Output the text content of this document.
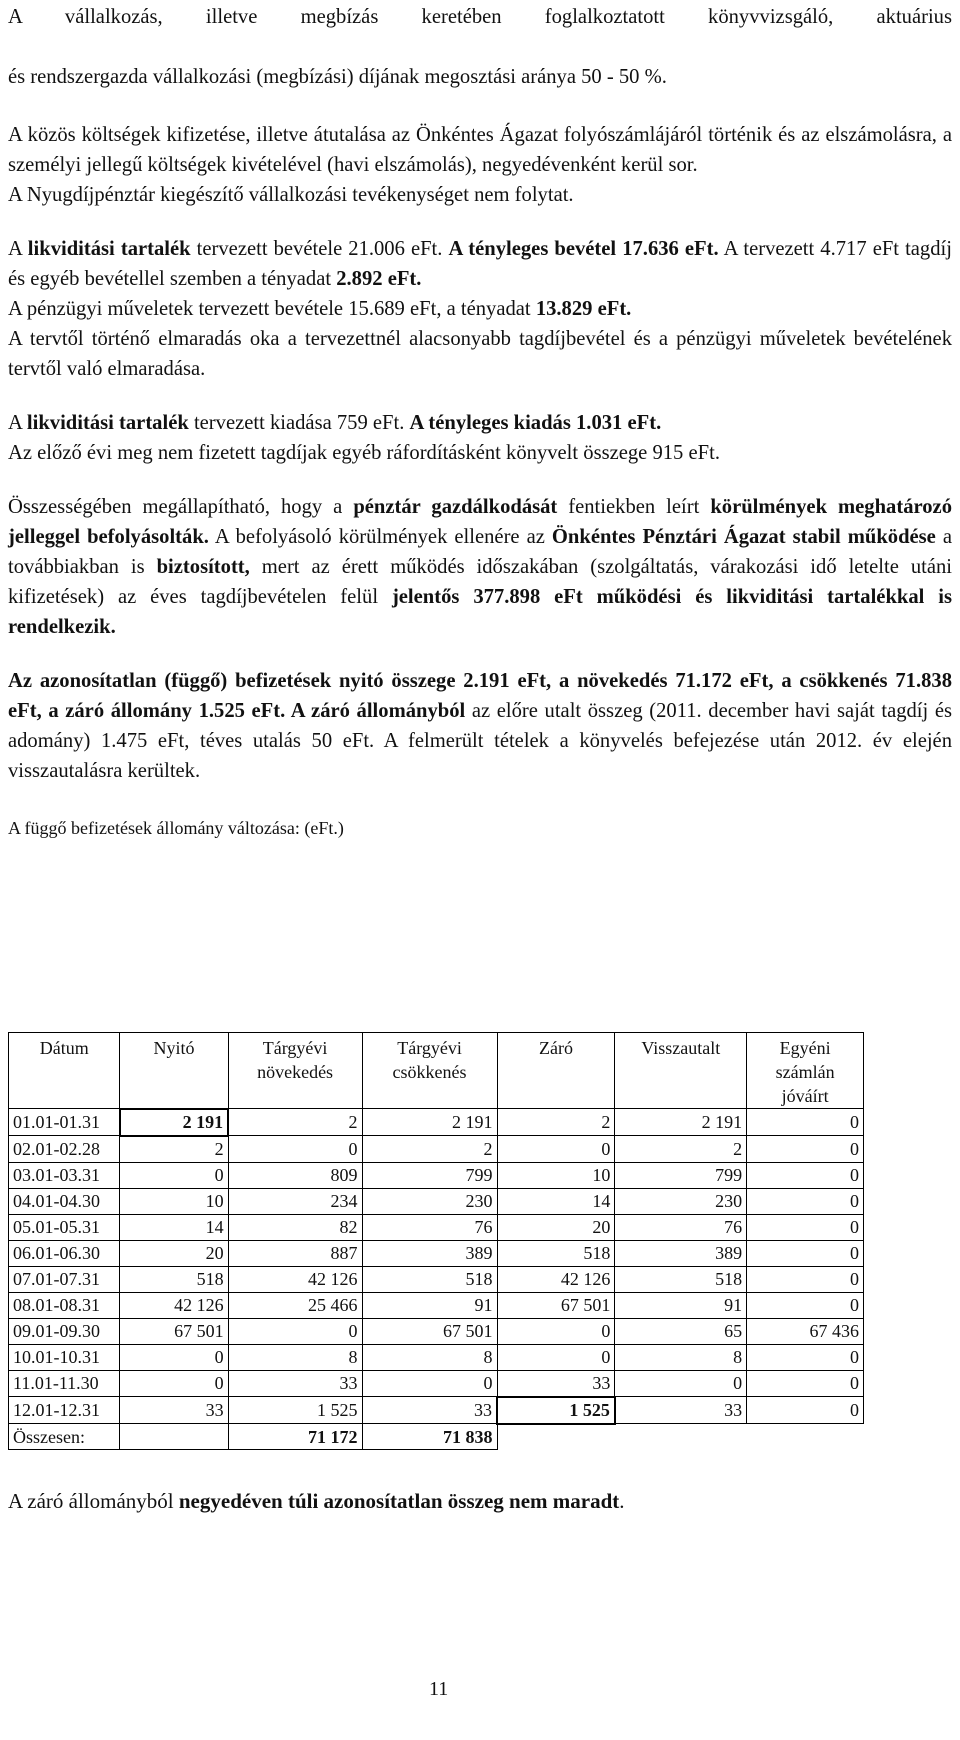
A vállalkozás, illetve megbízás keretében foglalkoztatott könyvvizsgáló, aktuárius
és rendszergazda vállalkozási (megbízási) díjának megosztási aránya 50 - 50 %.

A közös költségek kifizetése, illetve átutalása az Önkéntes Ágazat folyószámlájáról történik és az elszámolásra, a személyi jellegű költségek kivételével (havi elszámolás), negyedévenként kerül sor.
A Nyugdíjpénztár kiegészítő vállalkozási tevékenységet nem folytat.

A likviditási tartalék tervezett bevétele 21.006 eFt. A tényleges bevétel 17.636 eFt. A tervezett 4.717 eFt tagdíj és egyéb bevétellel szemben a tényadat 2.892 eFt.
A pénzügyi műveletek tervezett bevétele 15.689 eFt, a tényadat 13.829 eFt.
A tervtől történő elmaradás oka a tervezettnél alacsonyabb tagdíjbevétel és a pénzügyi műveletek bevételének tervtől való elmaradása.

A likviditási tartalék tervezett kiadása 759 eFt. A tényleges kiadás 1.031 eFt.
Az előző évi meg nem fizetett tagdíjak egyéb ráfordításként könyvelt összege 915 eFt.

Összességében megállapítható, hogy a pénztár gazdálkodását fentiekben leírt körülmények meghatározó jelleggel befolyásolták. A befolyásoló körülmények ellenére az Önkéntes Pénztári Ágazat stabil működése a továbbiakban is biztosított, mert az érett működés időszakában (szolgáltatás, várakozási idő letelte utáni kifizetések) az éves tagdíjbevételen felül jelentős 377.898 eFt működési és likviditási tartalékkal is rendelkezik.

Az azonosítatlan (függő) befizetések nyitó összege 2.191 eFt, a növekedés 71.172 eFt, a csökkenés 71.838 eFt, a záró állomány 1.525 eFt. A záró állományból az előre utalt összeg (2011. december havi saját tagdíj és adomány) 1.475 eFt, téves utalás 50 eFt. A felmerült tételek a könyvelés befejezése után 2012. év elején visszautalásra kerültek.

A függő befizetések állomány változása: (eFt.)
Dátum	Nyitó	Tárgyévi növekedés	Tárgyévi csökkenés	Záró	Visszautalt	Egyéni számlán jóváírt
01.01-01.31	2 191	2	2 191	2	2 191	0
02.01-02.28	2	0	2	0	2	0
03.01-03.31	0	809	799	10	799	0
04.01-04.30	10	234	230	14	230	0
05.01-05.31	14	82	76	20	76	0
06.01-06.30	20	887	389	518	389	0
07.01-07.31	518	42 126	518	42 126	518	0
08.01-08.31	42 126	25 466	91	67 501	91	0
09.01-09.30	67 501	0	67 501	0	65	67 436
10.01-10.31	0	8	8	0	8	0
11.01-11.30	0	33	0	33	0	0
12.01-12.31	33	1 525	33	1 525	33	0
Összesen:		71 172	71 838			
A záró állományból negyedéven túli azonosítatlan összeg nem maradt.
11
